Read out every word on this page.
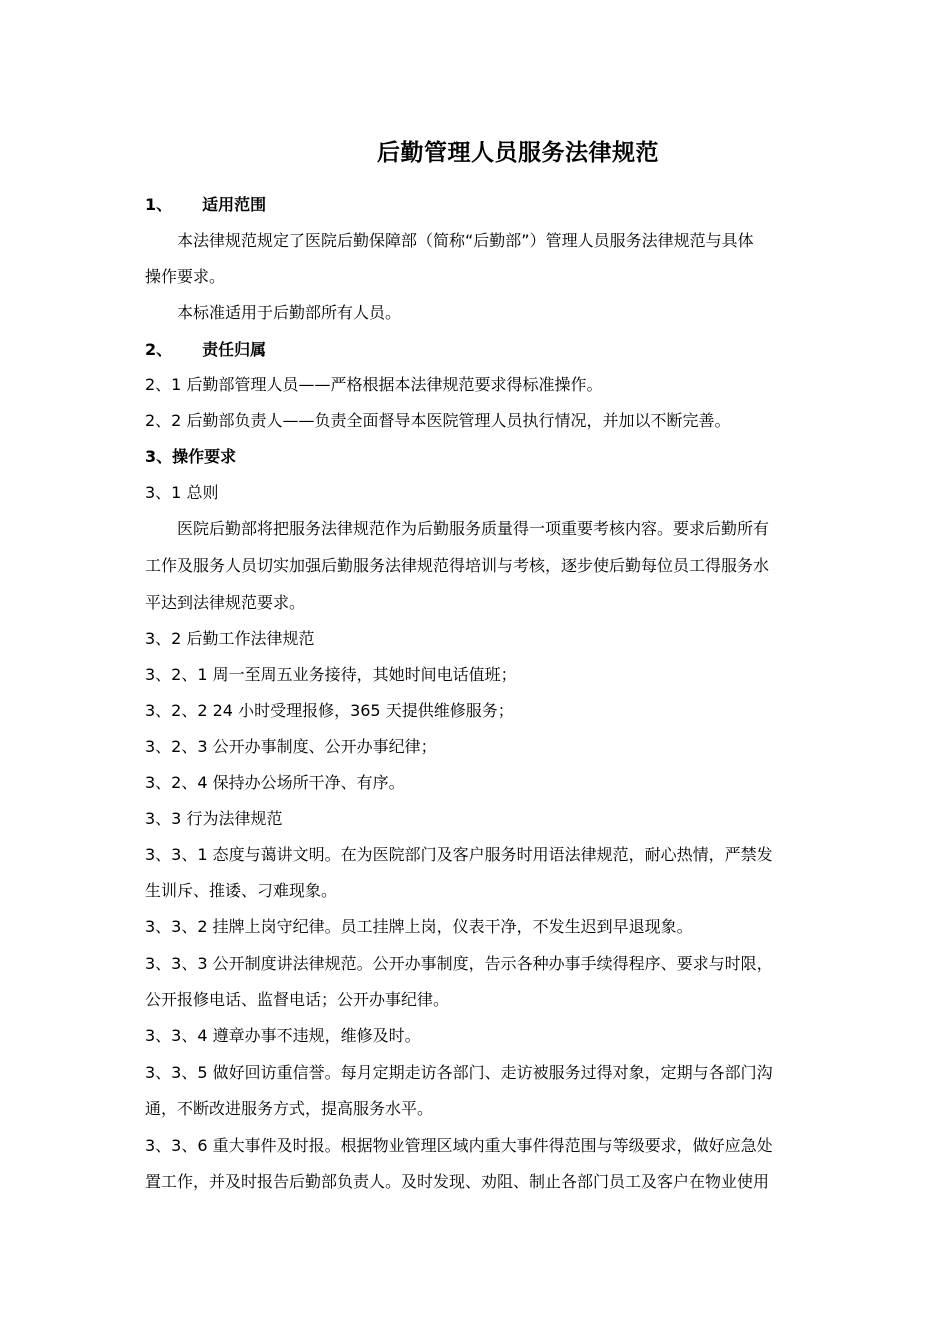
后勤管理人员服务法律规范
1、 适用范围
本法律规范规定了医院后勤保障部（简称“后勤部”）管理人员服务法律规范与具体
操作要求。
本标准适用于后勤部所有人员。
2、 责任归属
2、1 后勤部管理人员——严格根据本法律规范要求得标准操作。
2、2 后勤部负责人——负责全面督导本医院管理人员执行情况，并加以不断完善。
3、操作要求
3、1 总则
医院后勤部将把服务法律规范作为后勤服务质量得一项重要考核内容。要求后勤所有
工作及服务人员切实加强后勤服务法律规范得培训与考核，逐步使后勤每位员工得服务水
平达到法律规范要求。
3、2 后勤工作法律规范
3、2、1 周一至周五业务接待，其她时间电话值班；
3、2、2 24 小时受理报修，365 天提供维修服务；
3、2、3 公开办事制度、公开办事纪律；
3、2、4 保持办公场所干净、有序。
3、3 行为法律规范
3、3、1 态度与蔼讲文明。在为医院部门及客户服务时用语法律规范，耐心热情，严禁发
生训斥、推诿、刁难现象。
3、3、2 挂牌上岗守纪律。员工挂牌上岗，仪表干净，不发生迟到早退现象。
3、3、3 公开制度讲法律规范。公开办事制度，告示各种办事手续得程序、要求与时限，
公开报修电话、监督电话；公开办事纪律。
3、3、4 遵章办事不违规，维修及时。
3、3、5 做好回访重信誉。每月定期走访各部门、走访被服务过得对象，定期与各部门沟
通，不断改进服务方式，提高服务水平。
3、3、6 重大事件及时报。根据物业管理区域内重大事件得范围与等级要求，做好应急处
置工作，并及时报告后勤部负责人。及时发现、劝阻、制止各部门员工及客户在物业使用
